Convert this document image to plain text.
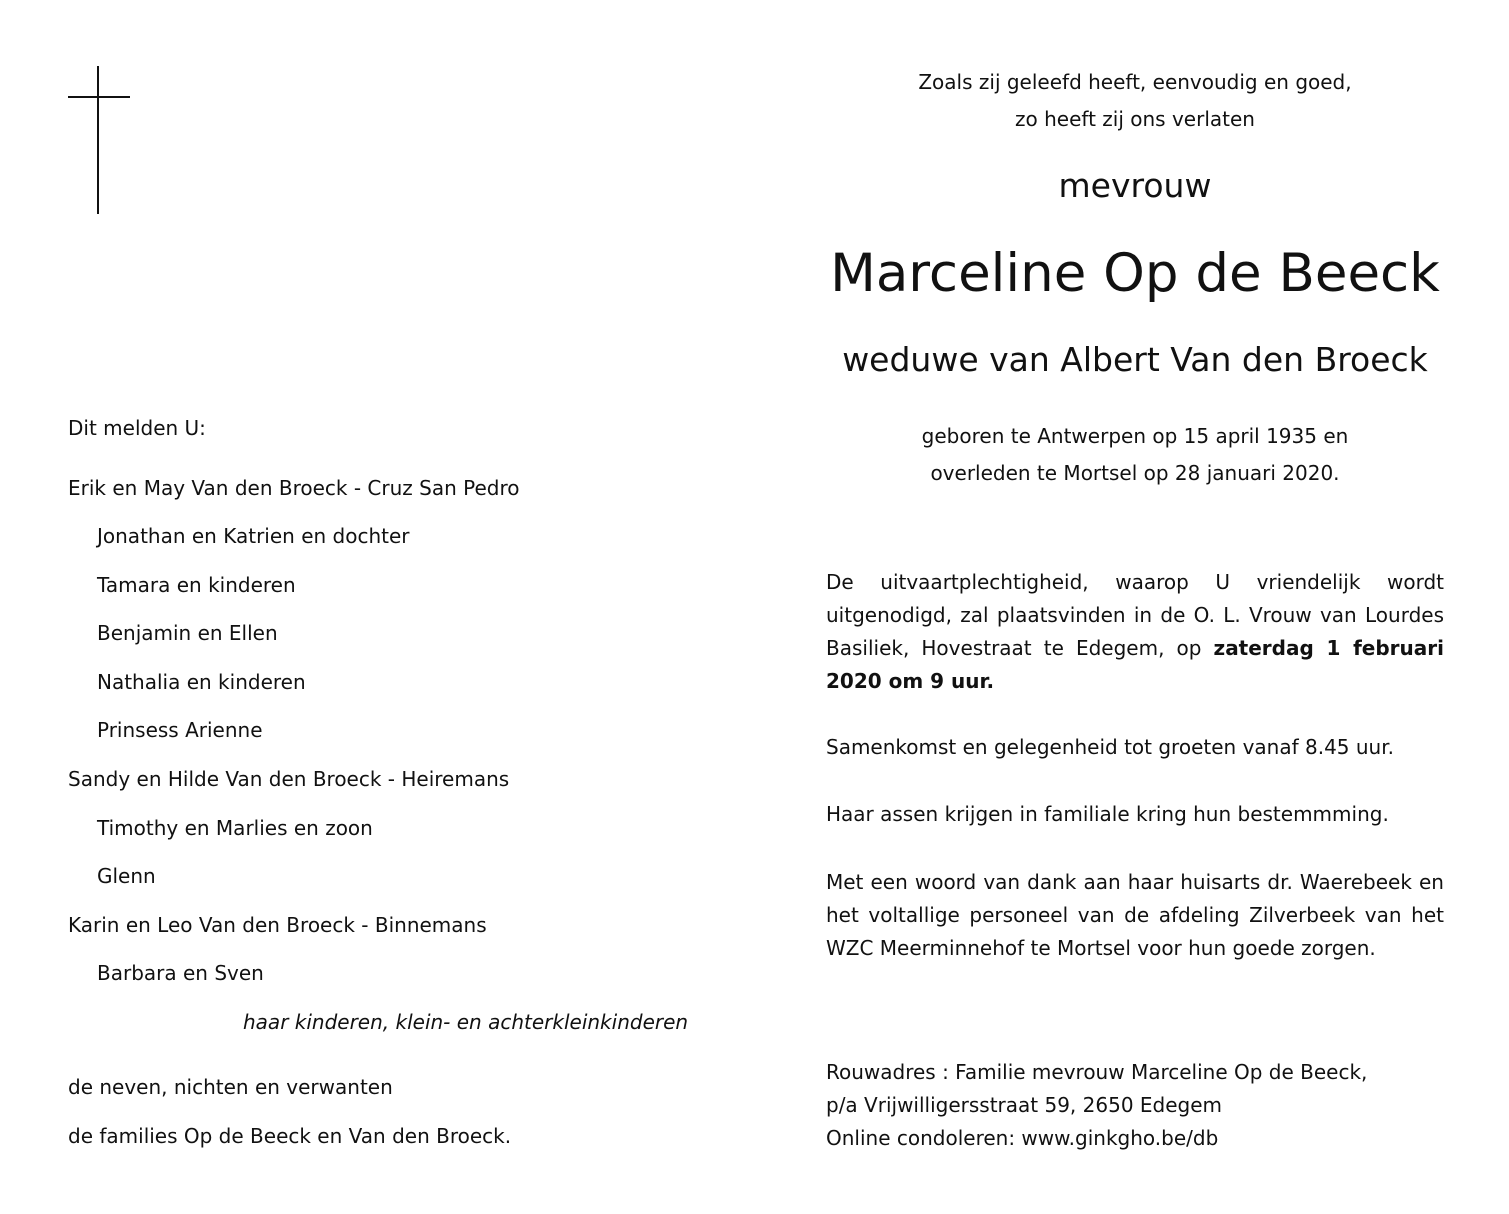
Dit melden U:
Erik en May Van den Broeck - Cruz San Pedro
Jonathan en Katrien en dochter
Tamara en kinderen
Benjamin en Ellen
Nathalia en kinderen
Prinsess Arienne
Sandy en Hilde Van den Broeck - Heiremans
Timothy en Marlies en zoon
Glenn
Karin en Leo Van den Broeck - Binnemans
Barbara en Sven
haar kinderen, klein- en achterkleinkinderen
de neven, nichten en verwanten
de families Op de Beeck en Van den Broeck.
Zoals zij geleefd heeft, eenvoudig en goed,
zo heeft zij ons verlaten
mevrouw
Marceline Op de Beeck
weduwe van Albert Van den Broeck
geboren te Antwerpen op 15 april 1935 en
overleden te Mortsel op 28 januari 2020.
De uitvaartplechtigheid, waarop U vriendelijk wordt uitgenodigd, zal plaatsvinden in de O. L. Vrouw van Lourdes Basiliek, Hovestraat te Edegem, op zaterdag 1 februari 2020 om 9 uur.
Samenkomst en gelegenheid tot groeten vanaf 8.45 uur.
Haar assen krijgen in familiale kring hun bestemmming.
Met een woord van dank aan haar huisarts dr. Waerebeek en het voltallige personeel van de afdeling Zilverbeek van het WZC Meerminnehof te Mortsel voor hun goede zorgen.
Rouwadres : Familie mevrouw Marceline Op de Beeck,
p/a Vrijwilligersstraat 59, 2650 Edegem
Online condoleren: www.ginkgho.be/db
